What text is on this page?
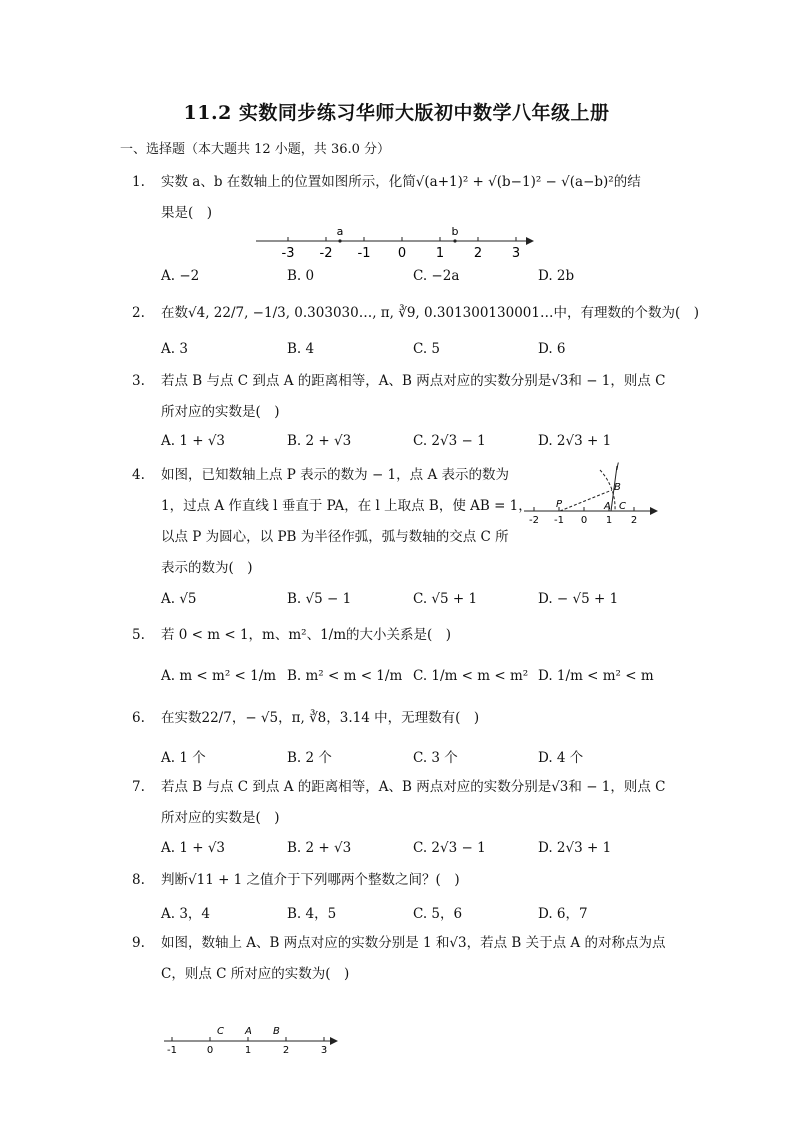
11.2 实数同步练习华师大版初中数学八年级上册
一、选择题（本大题共 12 小题，共 36.0 分）
1.	实数 a、b 在数轴上的位置如图所示，化简√(a+1)² + √(b−1)² − √(a−b)²的结
果是(　)
-3 -2 -1 0 1 2 3
a	b
A. −2	B. 0	C. −2a	D. 2b
2.	在数√4, 22/7, −1/3, 0.303030…, π, ∛9, 0.301300130001…中，有理数的个数为(　)
A. 3	B. 4	C. 5	D. 6
3.	若点 B 与点 C 到点 A 的距离相等，A、B 两点对应的实数分别是√3和 − 1，则点 C
所对应的实数是(　)
A. 1 + √3	B. 2 + √3	C. 2√3 − 1	D. 2√3 + 1
4.	如图，已知数轴上点 P 表示的数为 − 1，点 A 表示的数为
1，过点 A 作直线 l 垂直于 PA，在 l 上取点 B，使 AB = 1，
以点 P 为圆心，以 PB 为半径作弧，弧与数轴的交点 C 所
表示的数为(　)
-2 -1 0 1 2
P	A C
B
l
A. √5	B. √5 − 1	C. √5 + 1	D. − √5 + 1
5.	若 0 < m < 1，m、m²、1/m的大小关系是(　)
A. m < m² < 1/m B. m² < m < 1/m C. 1/m < m < m² D. 1/m < m² < m
6.	在实数22/7，− √5，π, ∛8，3.14 中，无理数有(　)
A. 1 个	B. 2 个	C. 3 个	D. 4 个
7.	若点 B 与点 C 到点 A 的距离相等，A、B 两点对应的实数分别是√3和 − 1，则点 C
所对应的实数是(　)
A. 1 + √3	B. 2 + √3	C. 2√3 − 1	D. 2√3 + 1
8.	判断√11 + 1 之值介于下列哪两个整数之间？(　)
A. 3，4	B. 4，5	C. 5，6	D. 6，7
9.	如图，数轴上 A、B 两点对应的实数分别是 1 和√3，若点 B 关于点 A 的对称点为点
C，则点 C 所对应的实数为(　)
-1	0	1	2	3
C A B
